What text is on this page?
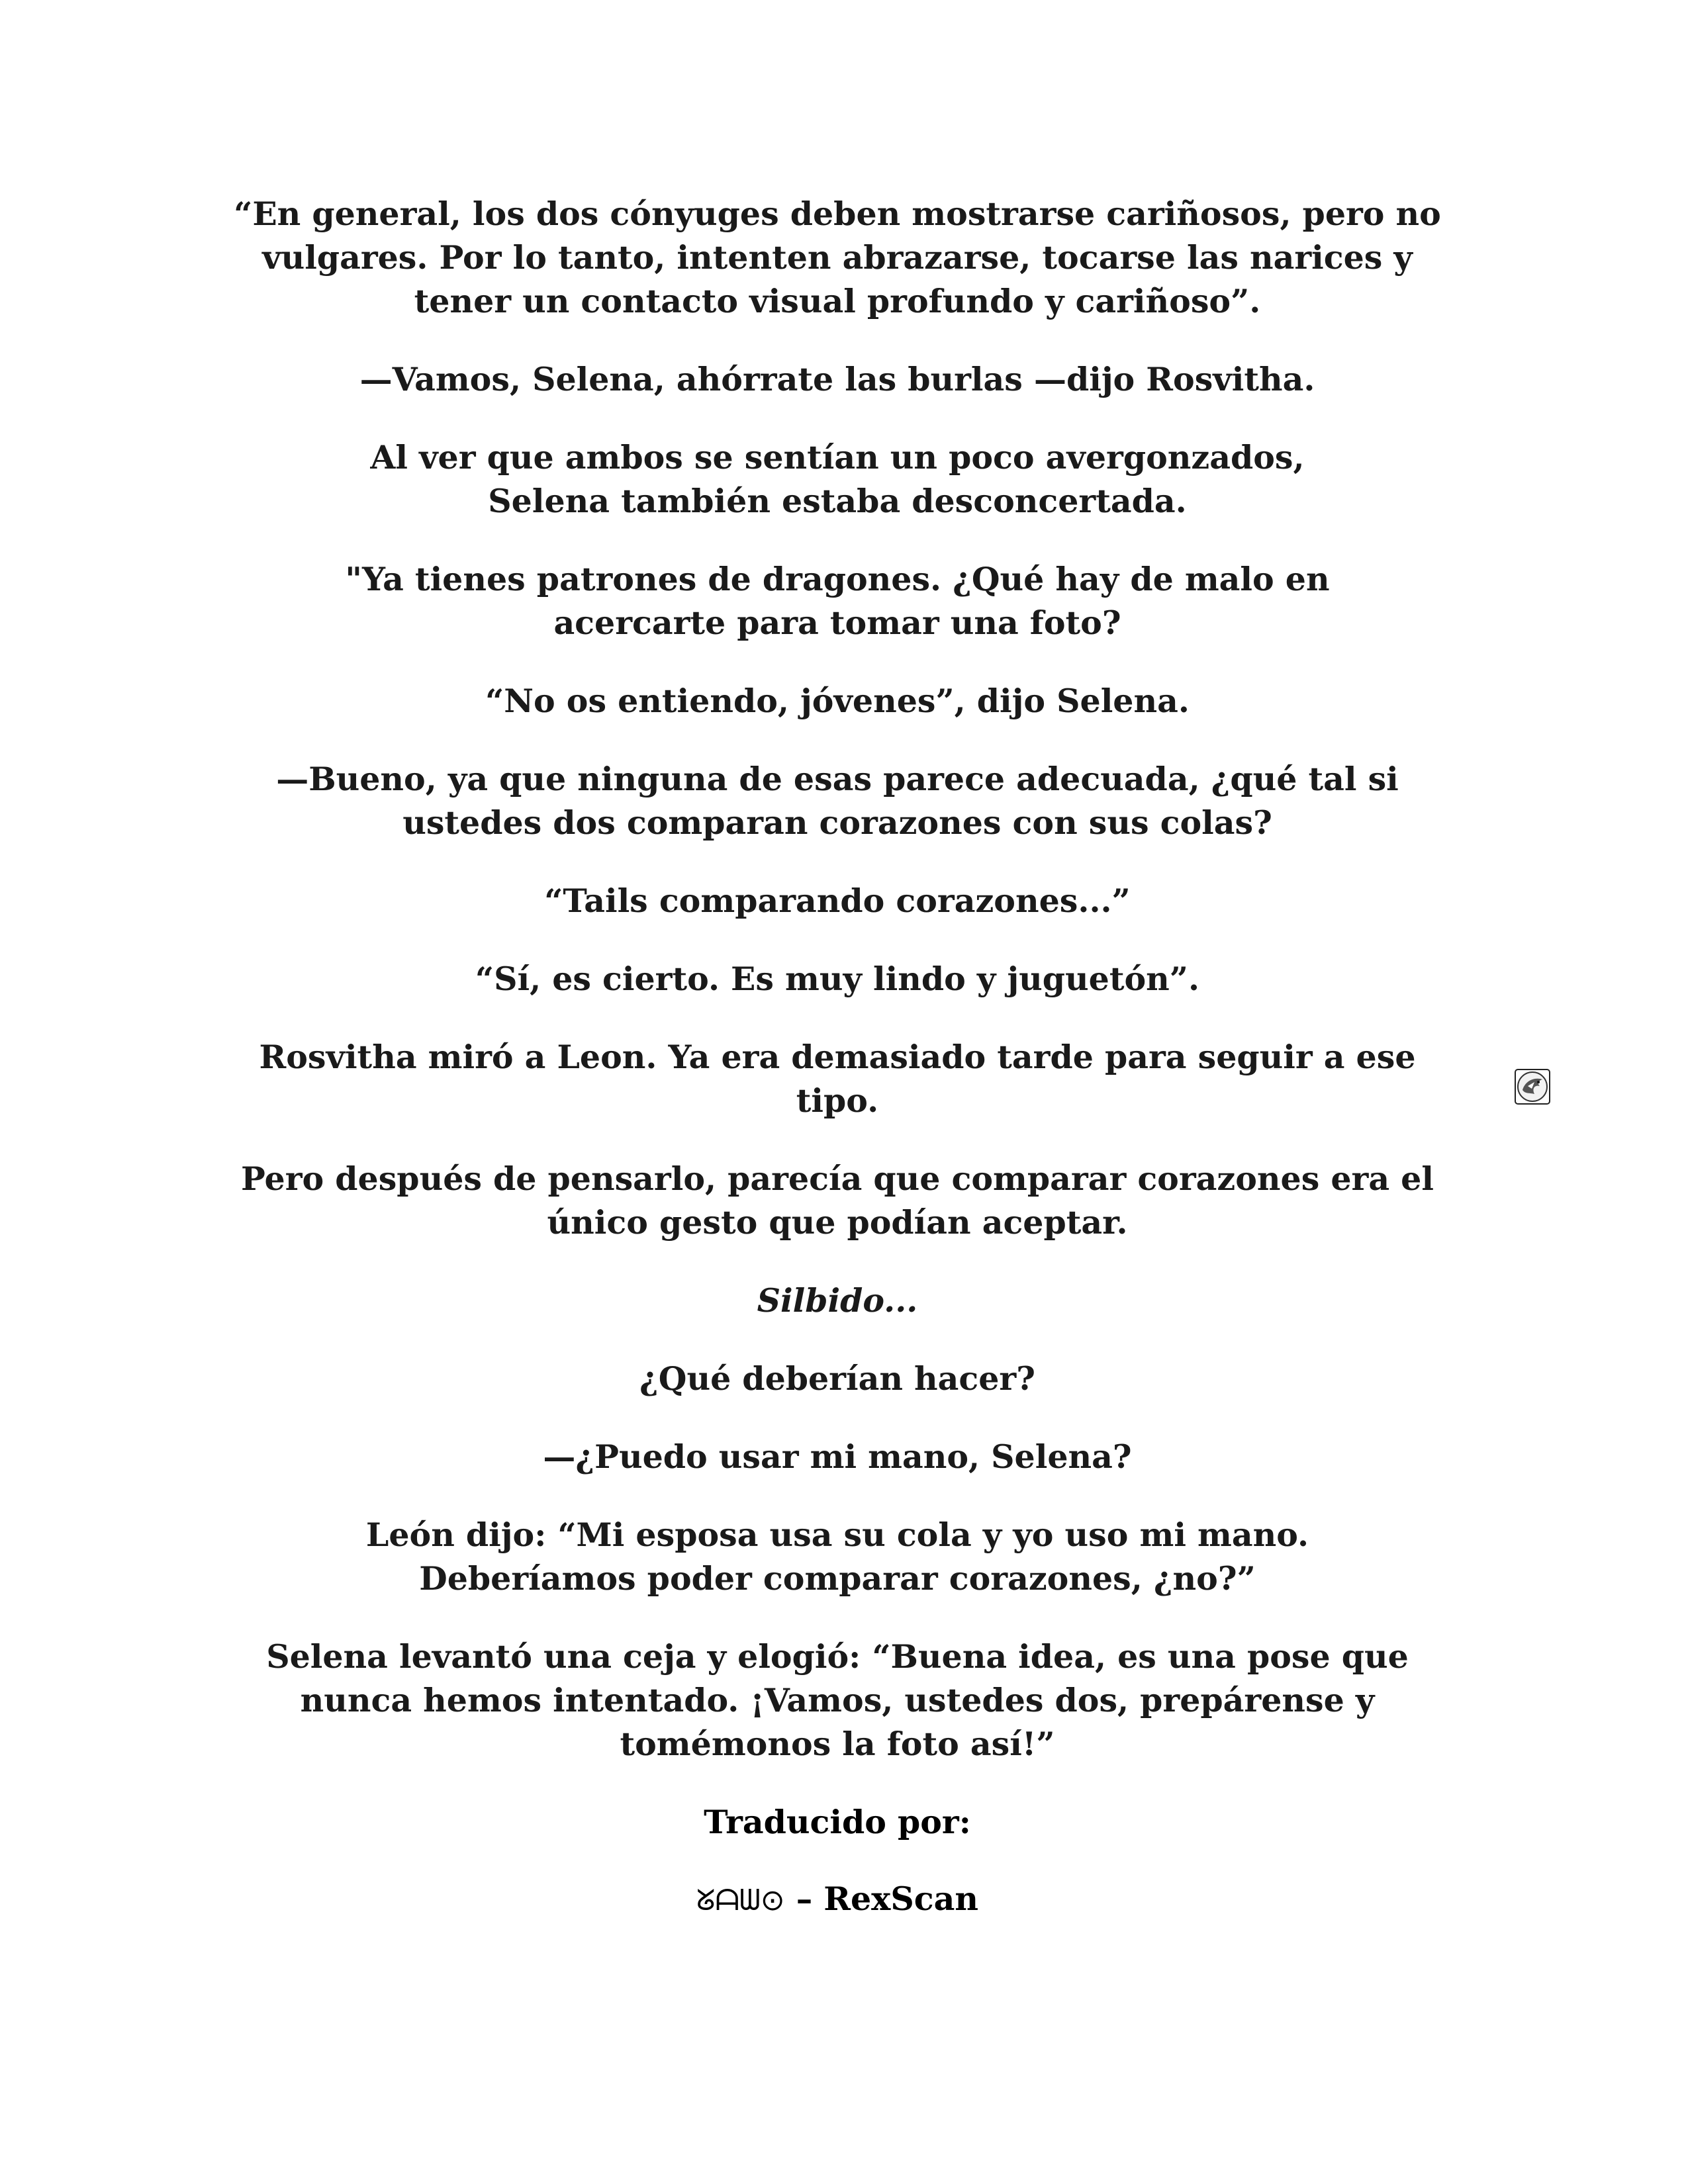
“En general, los dos cónyuges deben mostrarse cariñosos, pero no vulgares. Por lo tanto, intenten abrazarse, tocarse las narices y tener un contacto visual profundo y cariñoso”.

—Vamos, Selena, ahórrate las burlas —dijo Rosvitha.

Al ver que ambos se sentían un poco avergonzados, Selena también estaba desconcertada.

"Ya tienes patrones de dragones. ¿Qué hay de malo en acercarte para tomar una foto?

“No os entiendo, jóvenes”, dijo Selena.

—Bueno, ya que ninguna de esas parece adecuada, ¿qué tal si ustedes dos comparan corazones con sus colas?

“Tails comparando corazones...”

“Sí, es cierto. Es muy lindo y juguetón”.

Rosvitha miró a Leon. Ya era demasiado tarde para seguir a ese tipo.

Pero después de pensarlo, parecía que comparar corazones era el único gesto que podían aceptar.

Silbido...

¿Qué deberían hacer?

—¿Puedo usar mi mano, Selena?

León dijo: “Mi esposa usa su cola y yo uso mi mano. Deberíamos poder comparar corazones, ¿no?”

Selena levantó una ceja y elogió: “Buena idea, es una pose que nunca hemos intentado. ¡Vamos, ustedes dos, prepárense y tomémonos la foto así!”

Traducido por:

ᘜᗩᗯ⊙ – RexScan
